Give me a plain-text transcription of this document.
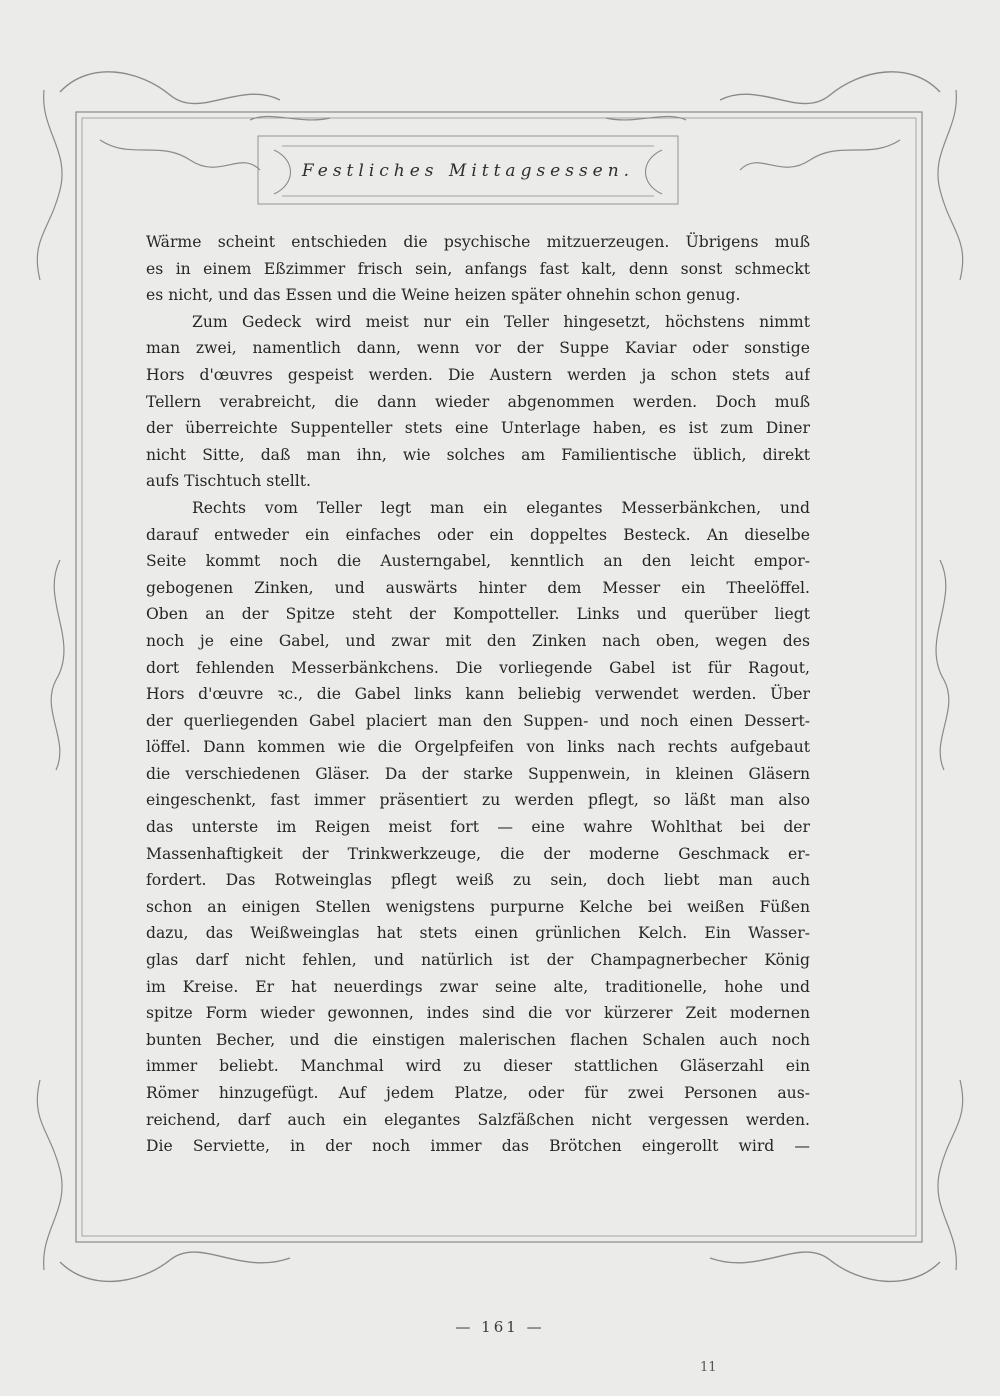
Festliches Mittagsessen.
Wärme scheint entschieden die psychische mitzuerzeugen. Übrigens muß
es in einem Eßzimmer frisch sein, anfangs fast kalt, denn sonst schmeckt
es nicht, und das Essen und die Weine heizen später ohnehin schon genug.
Zum Gedeck wird meist nur ein Teller hingesetzt, höchstens nimmt
man zwei, namentlich dann, wenn vor der Suppe Kaviar oder sonstige
Hors d'œuvres gespeist werden. Die Austern werden ja schon stets auf
Tellern verabreicht, die dann wieder abgenommen werden. Doch muß
der überreichte Suppenteller stets eine Unterlage haben, es ist zum Diner
nicht Sitte, daß man ihn, wie solches am Familientische üblich, direkt
aufs Tischtuch stellt.
Rechts vom Teller legt man ein elegantes Messerbänkchen, und
darauf entweder ein einfaches oder ein doppeltes Besteck. An dieselbe
Seite kommt noch die Austerngabel, kenntlich an den leicht empor-
gebogenen Zinken, und auswärts hinter dem Messer ein Theelöffel.
Oben an der Spitze steht der Kompotteller. Links und querüber liegt
noch je eine Gabel, und zwar mit den Zinken nach oben, wegen des
dort fehlenden Messerbänkchens. Die vorliegende Gabel ist für Ragout,
Hors d'œuvre ꝛc., die Gabel links kann beliebig verwendet werden. Über
der querliegenden Gabel placiert man den Suppen- und noch einen Dessert-
löffel. Dann kommen wie die Orgelpfeifen von links nach rechts aufgebaut
die verschiedenen Gläser. Da der starke Suppenwein, in kleinen Gläsern
eingeschenkt, fast immer präsentiert zu werden pflegt, so läßt man also
das unterste im Reigen meist fort — eine wahre Wohlthat bei der
Massenhaftigkeit der Trinkwerkzeuge, die der moderne Geschmack er-
fordert. Das Rotweinglas pflegt weiß zu sein, doch liebt man auch
schon an einigen Stellen wenigstens purpurne Kelche bei weißen Füßen
dazu, das Weißweinglas hat stets einen grünlichen Kelch. Ein Wasser-
glas darf nicht fehlen, und natürlich ist der Champagnerbecher König
im Kreise. Er hat neuerdings zwar seine alte, traditionelle, hohe und
spitze Form wieder gewonnen, indes sind die vor kürzerer Zeit modernen
bunten Becher, und die einstigen malerischen flachen Schalen auch noch
immer beliebt. Manchmal wird zu dieser stattlichen Gläserzahl ein
Römer hinzugefügt. Auf jedem Platze, oder für zwei Personen aus-
reichend, darf auch ein elegantes Salzfäßchen nicht vergessen werden.
Die Serviette, in der noch immer das Brötchen eingerollt wird —
— 161 —
11
